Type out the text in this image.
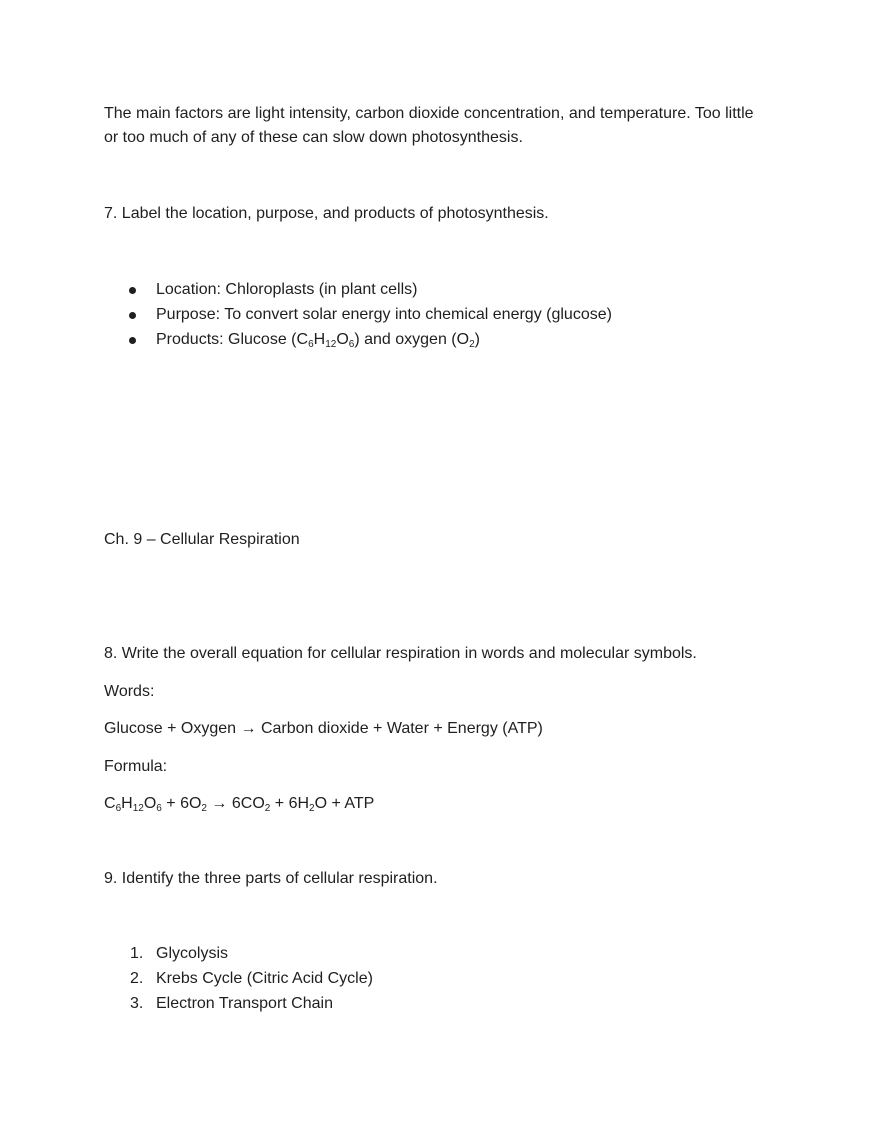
The main factors are light intensity, carbon dioxide concentration, and temperature. Too little or too much of any of these can slow down photosynthesis.

7. Label the location, purpose, and products of photosynthesis.

Location: Chloroplasts (in plant cells)
Purpose: To convert solar energy into chemical energy (glucose)
Products: Glucose $(C_6H_{12}O_6)$ and oxygen $(O_2)$

Ch. 9 – Cellular Respiration

8. Write the overall equation for cellular respiration in words and molecular symbols.

Words:

Glucose + Oxygen → Carbon dioxide + Water + Energy (ATP)

Formula:

$C_6H_{12}O_6 + 6O_2 \to 6CO_2 + 6H_2O$ + ATP

9. Identify the three parts of cellular respiration.

1. Glycolysis
2. Krebs Cycle (Citric Acid Cycle)
3. Electron Transport Chain
